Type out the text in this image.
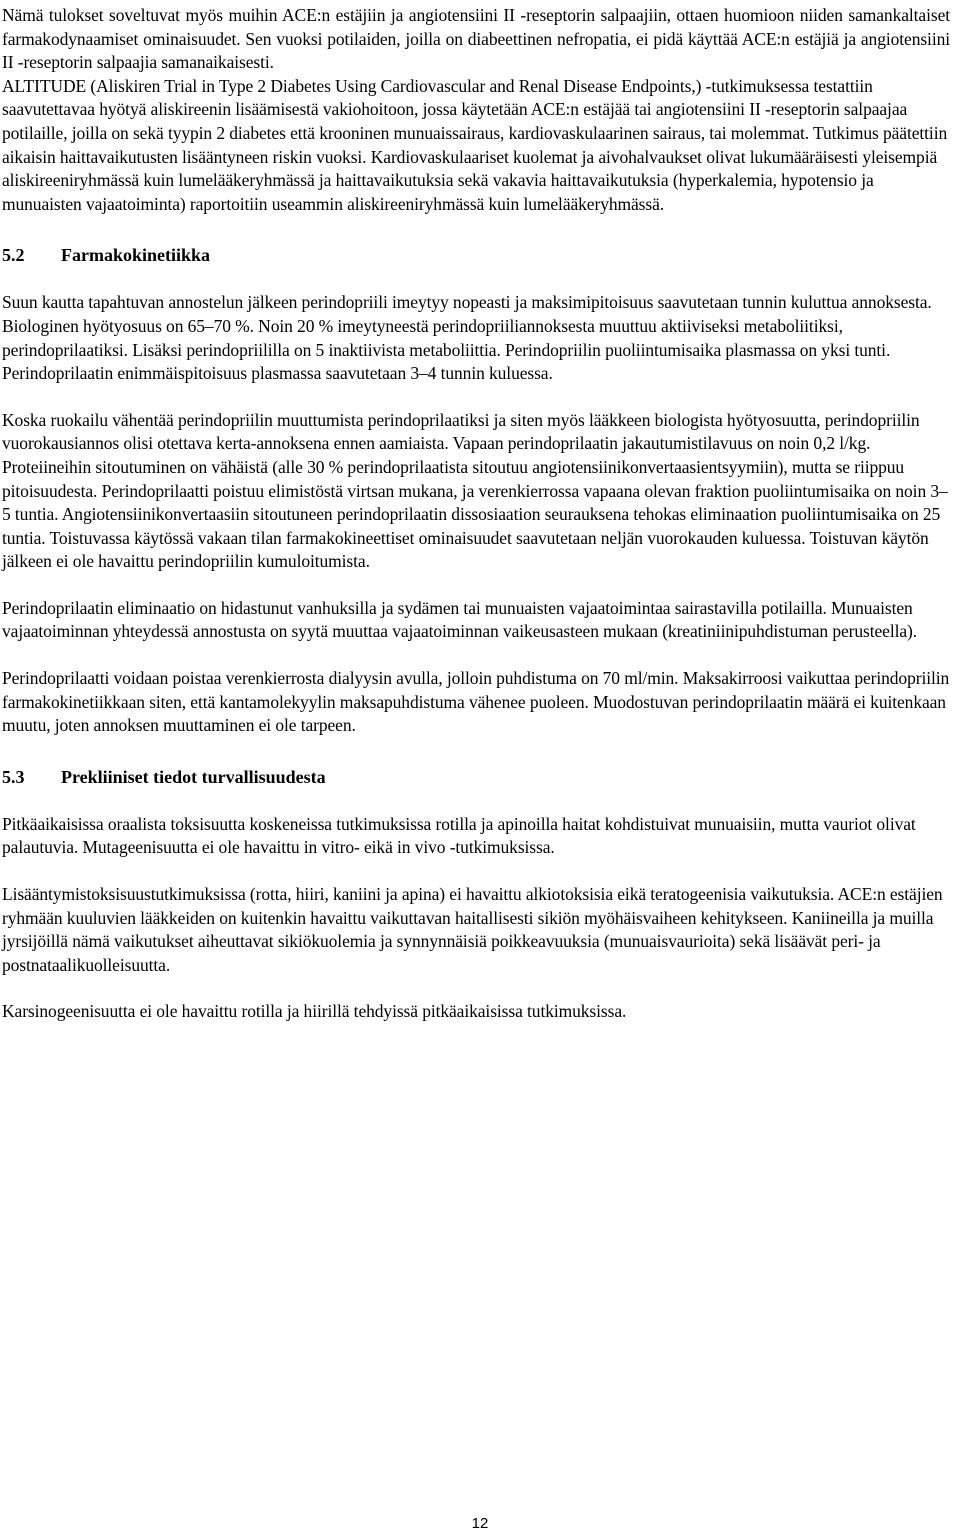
Nämä tulokset soveltuvat myös muihin ACE:n estäjiin ja angiotensiini II -reseptorin salpaajiin, ottaen huomioon niiden samankaltaiset farmakodynaamiset ominaisuudet. Sen vuoksi potilaiden, joilla on diabeettinen nefropatia, ei pidä käyttää ACE:n estäjiä ja angiotensiini II -reseptorin salpaajia samanaikaisesti.

ALTITUDE (Aliskiren Trial in Type 2 Diabetes Using Cardiovascular and Renal Disease Endpoints,) -tutkimuksessa testattiin saavutettavaa hyötyä aliskireenin lisäämisestä vakiohoitoon, jossa käytetään ACE:n estäjää tai angiotensiini II -reseptorin salpaajaa potilaille, joilla on sekä tyypin 2 diabetes että krooninen munuaissairaus, kardiovaskulaarinen sairaus, tai molemmat. Tutkimus päätettiin aikaisin haittavaikutusten lisääntyneen riskin vuoksi. Kardiovaskulaariset kuolemat ja aivohalvaukset olivat lukumääräisesti yleisempiä aliskireeniryhmässä kuin lumelääkeryhmässä ja haittavaikutuksia sekä vakavia haittavaikutuksia (hyperkalemia, hypotensio ja munuaisten vajaatoiminta) raportoitiin useammin aliskireeniryhmässä kuin lumelääkeryhmässä.

5.2	Farmakokinetiikka

Suun kautta tapahtuvan annostelun jälkeen perindopriili imeytyy nopeasti ja maksimipitoisuus saavutetaan tunnin kuluttua annoksesta. Biologinen hyötyosuus on 65–70 %. Noin 20 % imeytyneestä perindopriiliannoksesta muuttuu aktiiviseksi metaboliitiksi, perindoprilaatiksi. Lisäksi perindopriililla on 5 inaktiivista metaboliittia. Perindopriilin puoliintumisaika plasmassa on yksi tunti. Perindoprilaatin enimmäispitoisuus plasmassa saavutetaan 3–4 tunnin kuluessa.

Koska ruokailu vähentää perindopriilin muuttumista perindoprilaatiksi ja siten myös lääkkeen biologista hyötyosuutta, perindopriilin vuorokausiannos olisi otettava kerta-annoksena ennen aamiaista. Vapaan perindoprilaatin jakautumistilavuus on noin 0,2 l/kg. Proteiineihin sitoutuminen on vähäistä (alle 30 % perindoprilaatista sitoutuu angiotensiinikonvertaasientsyymiin), mutta se riippuu pitoisuudesta. Perindoprilaatti poistuu elimistöstä virtsan mukana, ja verenkierrossa vapaana olevan fraktion puoliintumisaika on noin 3–5 tuntia. Angiotensiinikonvertaasiin sitoutuneen perindoprilaatin dissosiaation seurauksena tehokas eliminaation puoliintumisaika on 25 tuntia. Toistuvassa käytössä vakaan tilan farmakokineettiset ominaisuudet saavutetaan neljän vuorokauden kuluessa. Toistuvan käytön jälkeen ei ole havaittu perindopriilin kumuloitumista.

Perindoprilaatin eliminaatio on hidastunut vanhuksilla ja sydämen tai munuaisten vajaatoimintaa sairastavilla potilailla. Munuaisten vajaatoiminnan yhteydessä annostusta on syytä muuttaa vajaatoiminnan vaikeusasteen mukaan (kreatiniinipuhdistuman perusteella).

Perindoprilaatti voidaan poistaa verenkierrosta dialyysin avulla, jolloin puhdistuma on 70 ml/min. Maksakirroosi vaikuttaa perindopriilin farmakokinetiikkaan siten, että kantamolekyylin maksapuhdistuma vähenee puoleen. Muodostuvan perindoprilaatin määrä ei kuitenkaan muutu, joten annoksen muuttaminen ei ole tarpeen.

5.3	Prekliiniset tiedot turvallisuudesta

Pitkäaikaisissa oraalista toksisuutta koskeneissa tutkimuksissa rotilla ja apinoilla haitat kohdistuivat munuaisiin, mutta vauriot olivat palautuvia. Mutageenisuutta ei ole havaittu in vitro- eikä in vivo -tutkimuksissa.

Lisääntymistoksisuustutkimuksissa (rotta, hiiri, kaniini ja apina) ei havaittu alkiotoksisia eikä teratogeenisia vaikutuksia. ACE:n estäjien ryhmään kuuluvien lääkkeiden on kuitenkin havaittu vaikuttavan haitallisesti sikiön myöhäisvaiheen kehitykseen. Kaniineilla ja muilla jyrsijöillä nämä vaikutukset aiheuttavat sikiökuolemia ja synnynnäisiä poikkeavuuksia (munuaisvaurioita) sekä lisäävät peri- ja postnataalikuolleisuutta.

Karsinogeenisuutta ei ole havaittu rotilla ja hiirillä tehdyissä pitkäaikaisissa tutkimuksissa.

12
